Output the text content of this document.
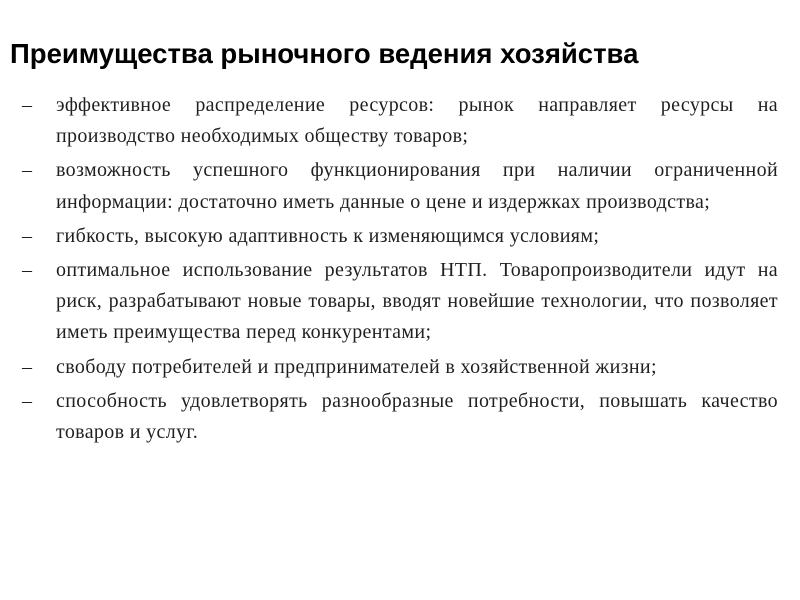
Преимущества рыночного ведения хозяйства
–	эффективное распределение ресурсов: рынок направляет ресурсы на производство необходимых обществу товаров;
–	возможность успешного функционирования при наличии ограниченной информации: достаточно иметь данные о цене и издержках производства;
–	гибкость, высокую адаптивность к изменяющимся условиям;
–	оптимальное использование результатов НТП. Товаропроизводители идут на риск, разрабатывают новые товары, вводят новейшие технологии, что позволяет иметь преимущества перед конкурентами;
–	свободу потребителей и предпринимателей в хозяйственной жизни;
–	способность удовлетворять разнообразные потребности, повышать качество товаров и услуг.
